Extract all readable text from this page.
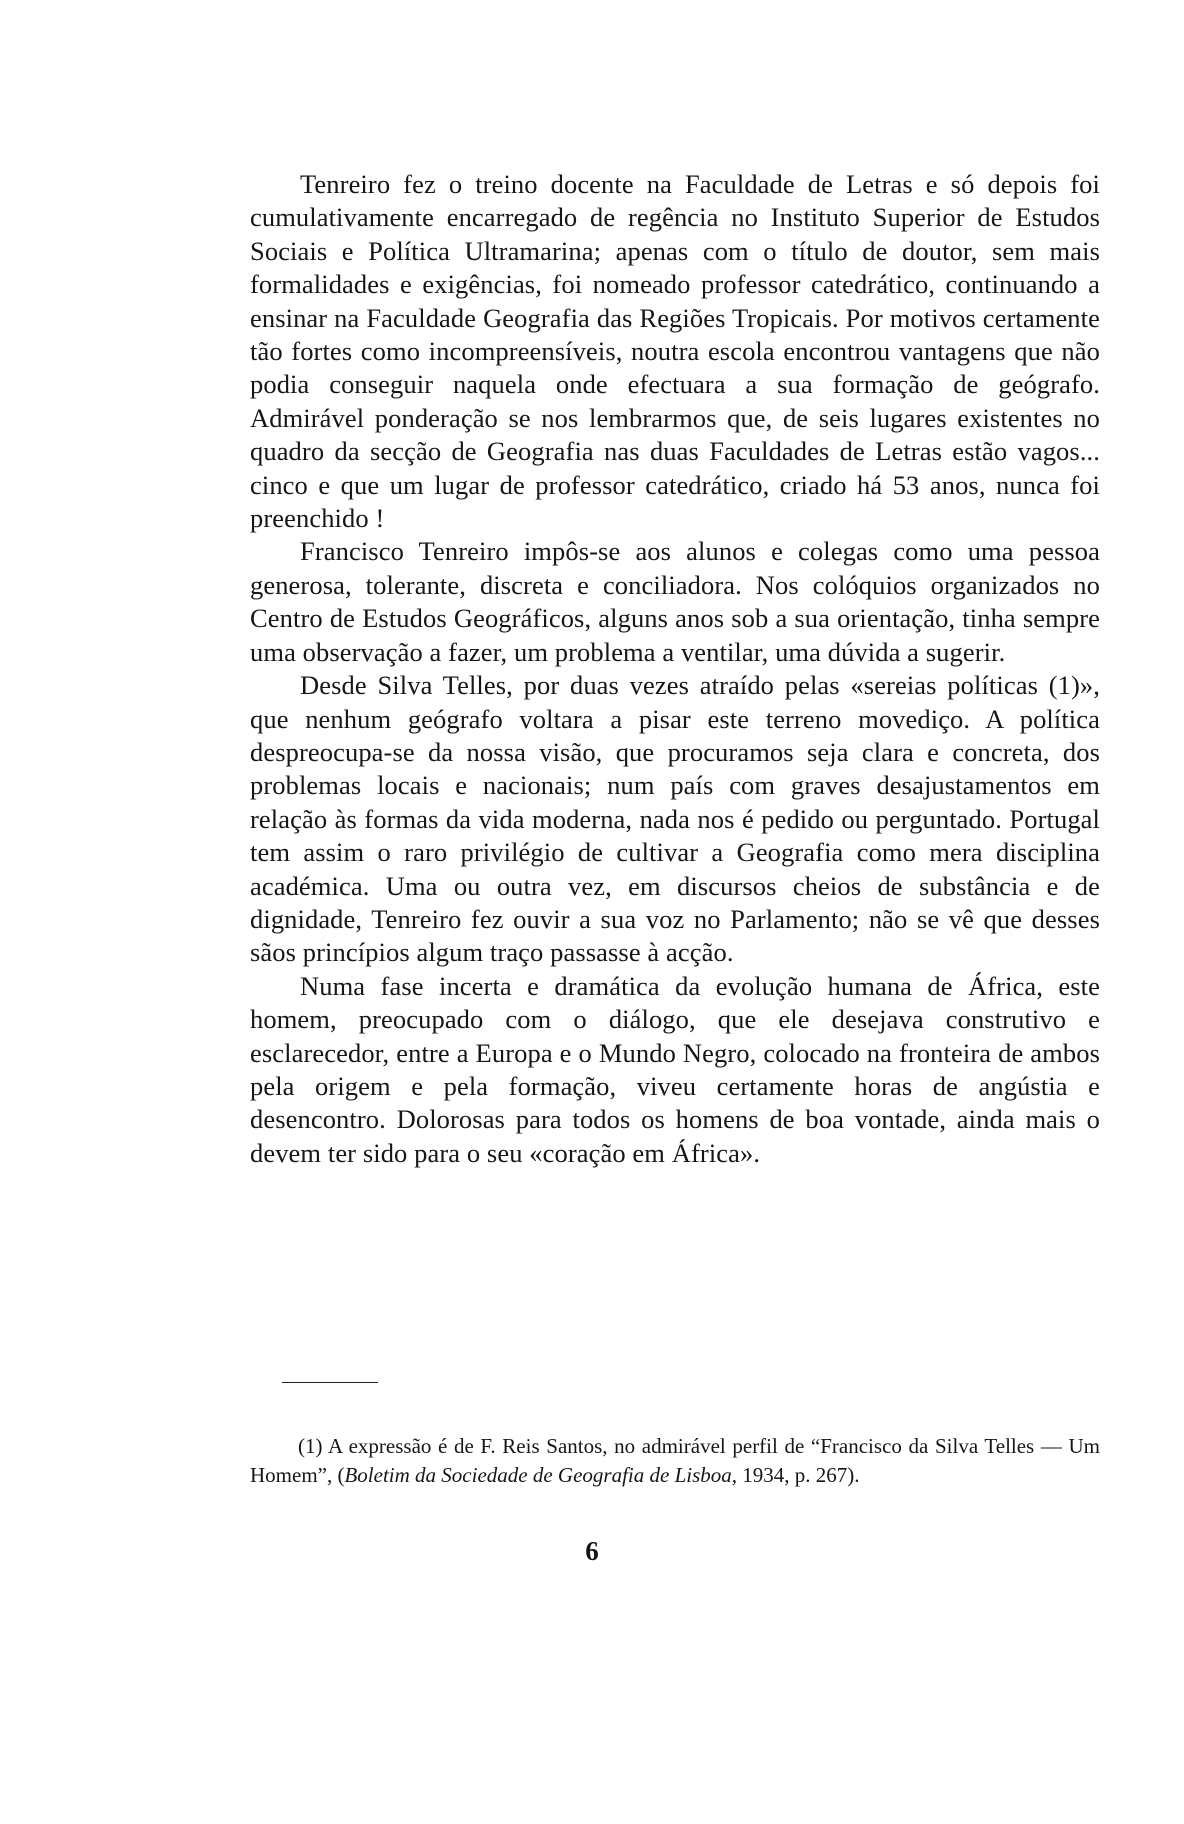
Tenreiro fez o treino docente na Faculdade de Letras e só depois foi cumulativamente encarregado de regência no Instituto Superior de Estudos Sociais e Política Ultramarina; apenas com o título de doutor, sem mais formalidades e exigências, foi nomeado professor catedrático, continuando a ensinar na Faculdade Geografia das Regiões Tropicais. Por motivos certamente tão fortes como incompreensíveis, noutra escola encontrou vantagens que não podia conseguir naquela onde efectuara a sua formação de geógrafo. Admirável ponderação se nos lembrarmos que, de seis lugares existentes no quadro da secção de Geografia nas duas Faculdades de Letras estão vagos... cinco e que um lugar de professor catedrático, criado há 53 anos, nunca foi preenchido !

Francisco Tenreiro impôs-se aos alunos e colegas como uma pessoa generosa, tolerante, discreta e conciliadora. Nos colóquios organizados no Centro de Estudos Geográficos, alguns anos sob a sua orientação, tinha sempre uma observação a fazer, um problema a ventilar, uma dúvida a sugerir.

Desde Silva Telles, por duas vezes atraído pelas «sereias políticas (1)», que nenhum geógrafo voltara a pisar este terreno movediço. A política despreocupa-se da nossa visão, que procuramos seja clara e concreta, dos problemas locais e nacionais; num país com graves desajustamentos em relação às formas da vida moderna, nada nos é pedido ou perguntado. Portugal tem assim o raro privilégio de cultivar a Geografia como mera disciplina académica. Uma ou outra vez, em discursos cheios de substância e de dignidade, Tenreiro fez ouvir a sua voz no Parlamento; não se vê que desses sãos princípios algum traço passasse à acção.

Numa fase incerta e dramática da evolução humana de África, este homem, preocupado com o diálogo, que ele desejava construtivo e esclarecedor, entre a Europa e o Mundo Negro, colocado na fronteira de ambos pela origem e pela formação, viveu certamente horas de angústia e desencontro. Dolorosas para todos os homens de boa vontade, ainda mais o devem ter sido para o seu «coração em África».

(1) A expressão é de F. Reis Santos, no admirável perfil de “Francisco da Silva Telles — Um Homem”, (Boletim da Sociedade de Geografia de Lisboa, 1934, p. 267).

6
